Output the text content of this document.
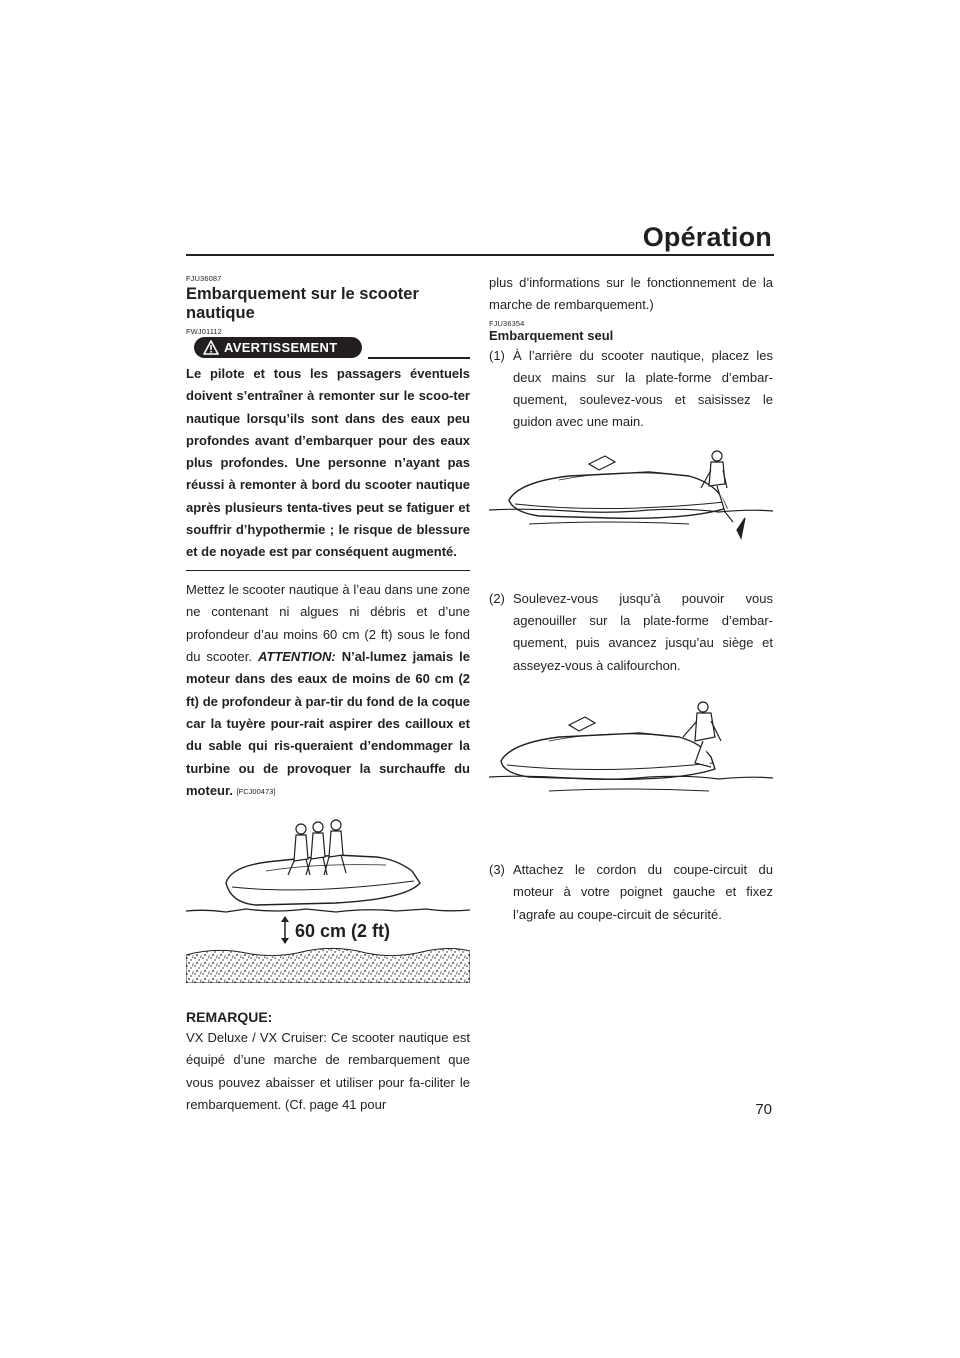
Opération
FJU36087
Embarquement sur le scooter
nautique
FWJ01112
AVERTISSEMENT
Le pilote et tous les passagers éventuels doivent s’entraîner à remonter sur le scoo-ter nautique lorsqu’ils sont dans des eaux peu profondes avant d’embarquer pour des eaux plus profondes. Une personne n’ayant pas réussi à remonter à bord du scooter nautique après plusieurs tenta-tives peut se fatiguer et souffrir d’hypothermie ; le risque de blessure et de noyade est par conséquent augmenté.
Mettez le scooter nautique à l’eau dans une zone ne contenant ni algues ni débris et d’une profondeur d’au moins 60 cm (2 ft) sous le fond du scooter. ATTENTION: N’al-lumez jamais le moteur dans des eaux de moins de 60 cm (2 ft) de profondeur à par-tir du fond de la coque car la tuyère pour-rait aspirer des cailloux et du sable qui ris-queraient d’endommager la turbine ou de provoquer la surchauffe du moteur. [FCJ00473]
60 cm (2 ft)
REMARQUE:
VX Deluxe / VX Cruiser: Ce scooter nautique est équipé d’une marche de rembarquement que vous pouvez abaisser et utiliser pour fa-ciliter le rembarquement. (Cf. page 41 pour
plus d’informations sur le fonctionnement de la marche de rembarquement.)
FJU36354
Embarquement seul
(1) À l’arrière du scooter nautique, placez les deux mains sur la plate-forme d’embar-quement, soulevez-vous et saisissez le guidon avec une main.
(2) Soulevez-vous jusqu’à pouvoir vous agenouiller sur la plate-forme d’embar-quement, puis avancez jusqu’au siège et asseyez-vous à califourchon.
(3) Attachez le cordon du coupe-circuit du moteur à votre poignet gauche et fixez l’agrafe au coupe-circuit de sécurité.
70
